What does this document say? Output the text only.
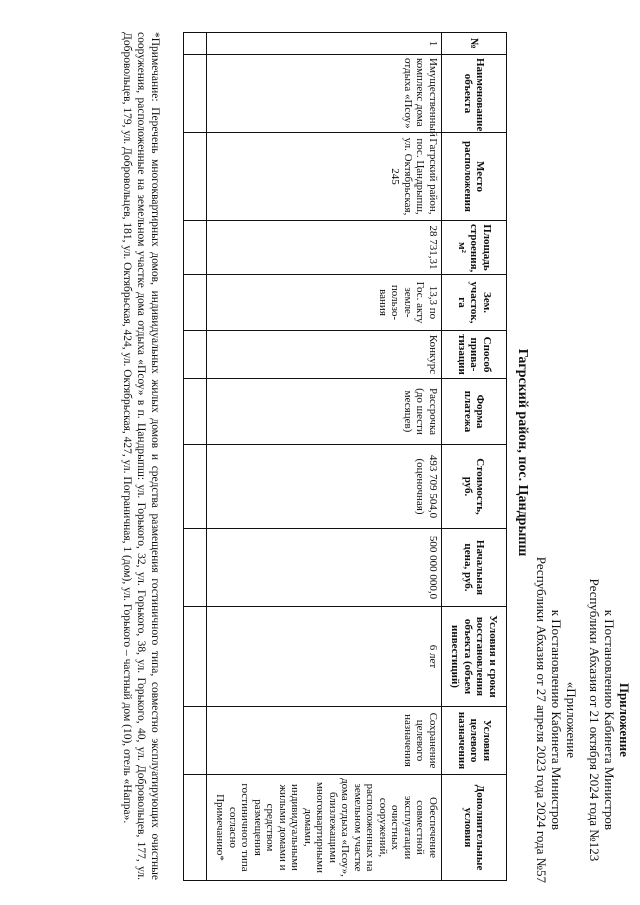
Приложение
к Постановлению Кабинета Министров
Республики Абхазия от 21 октября 2024 года №123
«Приложение
к Постановлению Кабинета Министров
Республики Абхазия от 27 апреля 2023 года 2024 года №57
Гагрский район, пос. Цандрыпш
№	Наименование объекта	Место расположения	Площадь строения, м²	Зем. участок, га	Способ привa-тизации	Форма платежа	Стоимость, руб.	Начальная цена, руб.	Условия и сроки восстановления объекта (объем инвестиций)	Условия целевого назначения	Дополнительные условия
1	Имущественный комплекс дома отдыха «Псоу»	Гагрский район, пос. Цандрыпш, ул. Октябрьская, 245	28 731,31	13,3 по Гос. акту земле-пользо-вания	Конкурс	Рассрочка (до шести месяцев)	493 709 504,0 (оценочная)	500 000 000,0	6 лет	Сохранение целевого назначения	Обеспечение совместной эксплуатации очистных сооружений, расположенных на земельном участке дома отдыха «Псоу», близлежащими многоквартирными домами, индивидуальными жилыми домами и средством размещения гостиничного типа согласно Примечанию*

*Примечание: Перечень многоквартирных домов, индивидуальных жилых домов и средства размещения гостиничного типа, совместно эксплуатирующих очистные сооружения, расположенные на земельном участке дома отдыха «Псоу» в п. Цандрыпш: ул. Горького, 32, ул. Горького, 38, ул. Горького, 40, ул. Добровольцев, 177, ул. Добровольцев, 179, ул. Добровольцев, 181, ул. Октябрьская, 424, ул. Октябрьская, 427, ул. Пограничная, 1 (дом), ул. Горького – частный дом (10), отель «Напра».
